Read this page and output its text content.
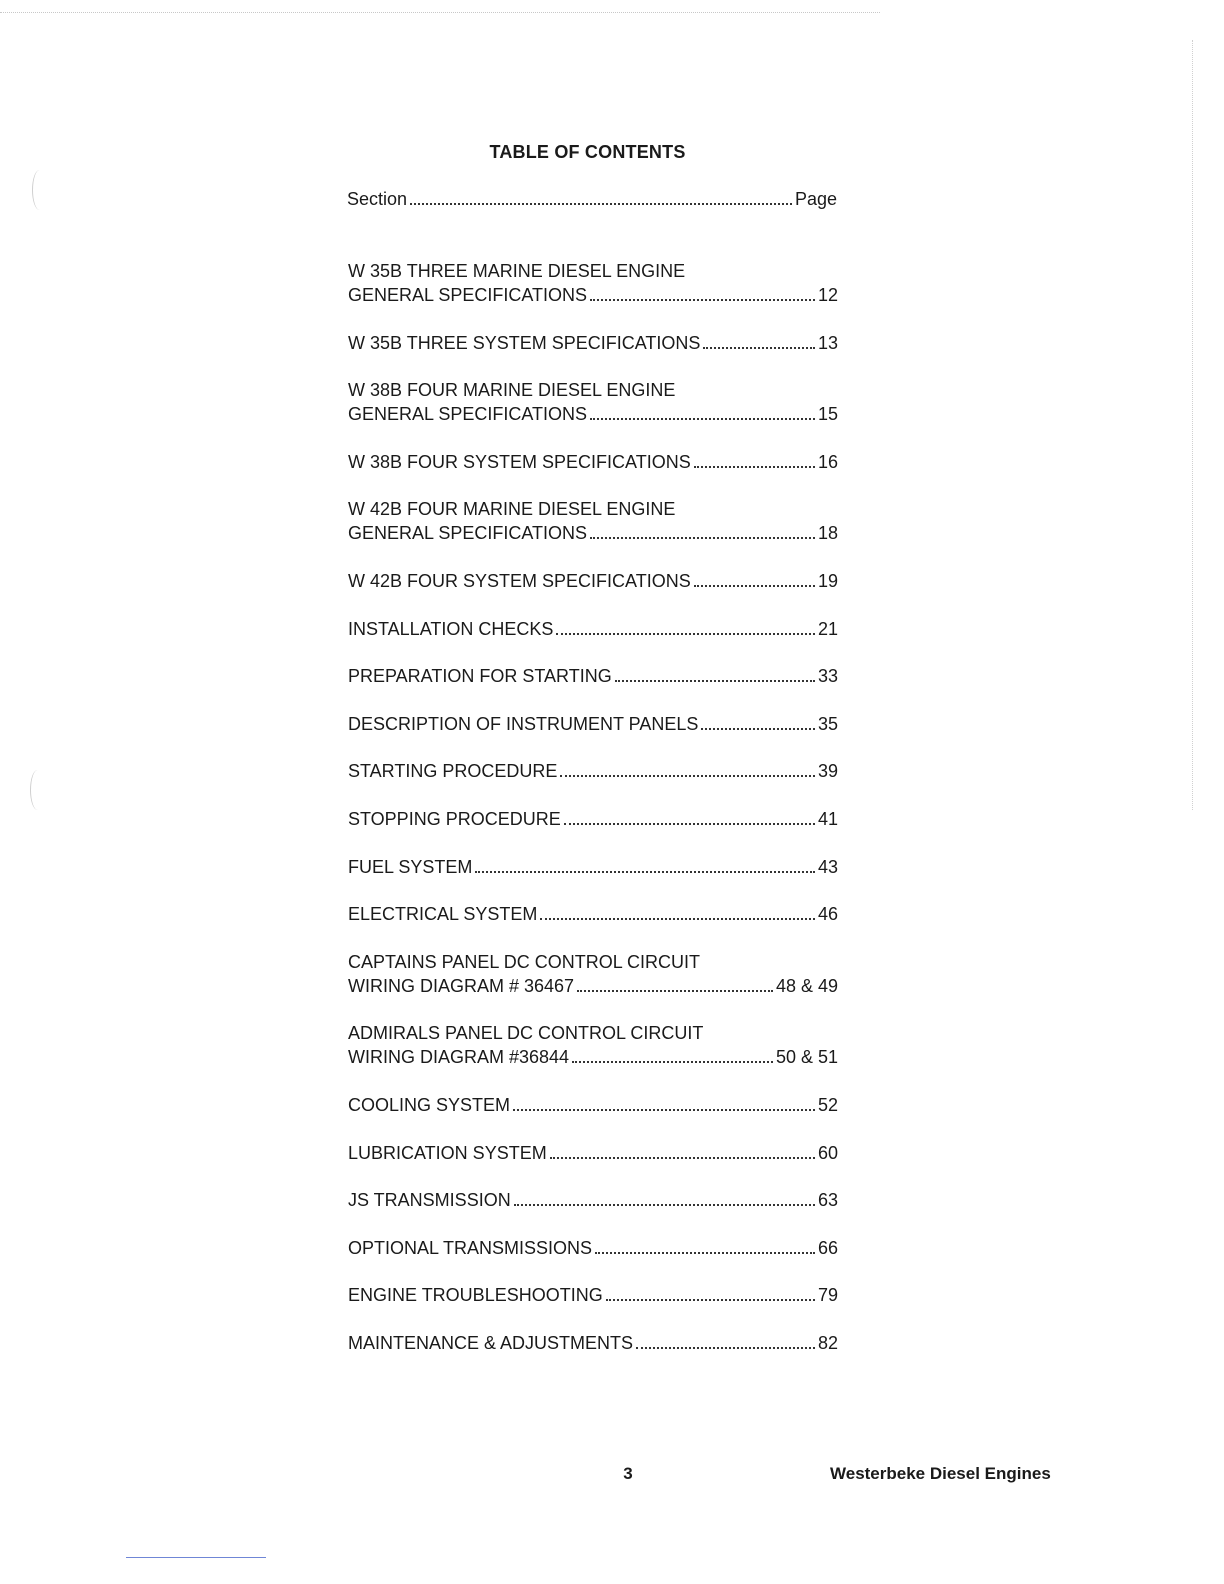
TABLE OF CONTENTS
Section	Page
W 35B THREE MARINE DIESEL ENGINE
GENERAL SPECIFICATIONS	12
W 35B THREE SYSTEM SPECIFICATIONS	13
W 38B FOUR MARINE DIESEL ENGINE
GENERAL SPECIFICATIONS	15
W 38B FOUR SYSTEM SPECIFICATIONS	16
W 42B FOUR MARINE DIESEL ENGINE
GENERAL SPECIFICATIONS	18
W 42B FOUR SYSTEM SPECIFICATIONS	19
INSTALLATION CHECKS	21
PREPARATION FOR STARTING	33
DESCRIPTION OF INSTRUMENT PANELS	35
STARTING PROCEDURE	39
STOPPING PROCEDURE	41
FUEL SYSTEM	43
ELECTRICAL SYSTEM	46
CAPTAINS PANEL DC CONTROL CIRCUIT
WIRING DIAGRAM # 36467	48 & 49
ADMIRALS PANEL DC CONTROL CIRCUIT
WIRING DIAGRAM #36844	50 & 51
COOLING SYSTEM	52
LUBRICATION SYSTEM	60
JS TRANSMISSION	63
OPTIONAL TRANSMISSIONS	66
ENGINE TROUBLESHOOTING	79
MAINTENANCE & ADJUSTMENTS	82
3	Westerbeke Diesel Engines
